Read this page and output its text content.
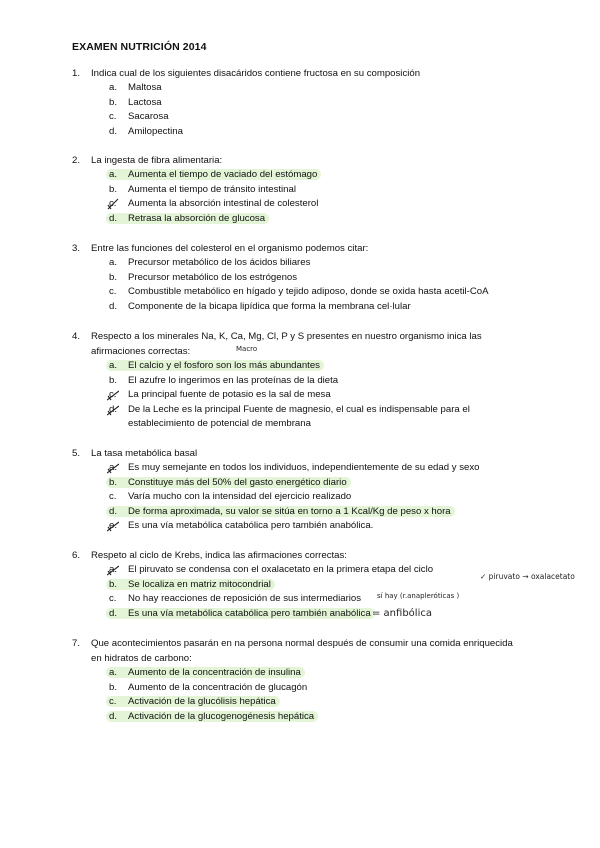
EXAMEN NUTRICIÓN 2014
1. Indica cual de los siguientes disacáridos contiene fructosa en su composición
a. Maltosa
b. Lactosa
c. Sacarosa
d. Amilopectina
2. La ingesta de fibra alimentaria:
a. Aumenta el tiempo de vaciado del estómago
b. Aumenta el tiempo de tránsito intestinal
c. Aumenta la absorción intestinal de colesterol
d. Retrasa la absorción de glucosa
3. Entre las funciones del colesterol en el organismo podemos citar:
a. Precursor metabólico de los ácidos biliares
b. Precursor metabólico de los estrógenos
c. Combustible metabólico en hígado y tejido adiposo, donde se oxida hasta acetil-CoA
d. Componente de la bicapa lipídica que forma la membrana cel·lular
4. Respecto a los minerales Na, K, Ca, Mg, Cl, P y S presentes en nuestro organismo inica las
afirmaciones correctas:
a. El calcio y el fosforo son los más abundantes
b. El azufre lo ingerimos en las proteínas de la dieta
c. La principal fuente de potasio es la sal de mesa
d. De la Leche es la principal Fuente de magnesio, el cual es indispensable para el
establecimiento de potencial de membrana
5. La tasa metabólica basal
a. Es muy semejante en todos los individuos, independientemente de su edad y sexo
b. Constituye más del 50% del gasto energético diario
c. Varía mucho con la intensidad del ejercicio realizado
d. De forma aproximada, su valor se sitúa en torno a 1 Kcal/Kg de peso x hora
e. Es una vía metabólica catabólica pero también anabólica.
6. Respeto al ciclo de Krebs, indica las afirmaciones correctas:
a. El piruvato se condensa con el oxalacetato en la primera etapa del ciclo
b. Se localiza en matriz mitocondrial
c. No hay reacciones de reposición de sus intermediarios
d. Es una vía metabólica catabólica pero también anabólica
7. Que acontecimientos pasarán en na persona normal después de consumir una comida enriquecida
en hidratos de carbono:
a. Aumento de la concentración de insulina
b. Aumento de la concentración de glucagón
c. Activación de la glucólisis hepática
d. Activación de la glucogenogénesis hepática
Macro
✓ piruvato → oxalacetato
sí hay (r.anapleróticas )
= anfibólica
